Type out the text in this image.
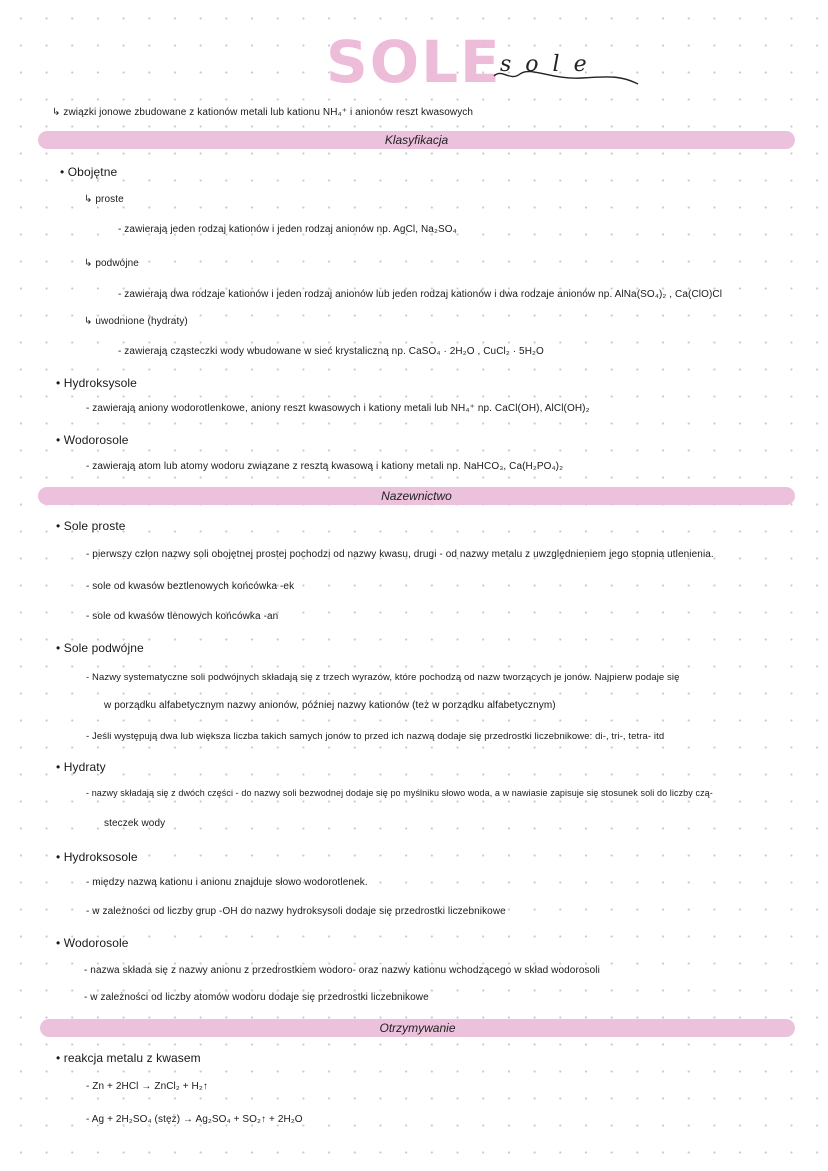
SOLE
sole
↳ związki jonowe zbudowane z kationów metali lub kationu NH₄⁺ i anionów reszt kwasowych
Klasyfikacja
• Obojętne
↳ proste
- zawierają jeden rodzaj kationów i jeden rodzaj anionów np. AgCl, Na₂SO₄
↳ podwójne
- zawierają dwa rodzaje kationów i jeden rodzaj anionów lub jeden rodzaj kationów i dwa rodzaje anionów np. AlNa(SO₄)₂ , Ca(ClO)Cl
↳ uwodnione (hydraty)
- zawierają cząsteczki wody wbudowane w sieć krystaliczną np. CaSO₄ · 2H₂O , CuCl₂ · 5H₂O
• Hydroksysole
- zawierają aniony wodorotlenkowe, aniony reszt kwasowych i kationy metali lub NH₄⁺ np. CaCl(OH), AlCl(OH)₂
• Wodorosole
- zawierają atom lub atomy wodoru związane z resztą kwasową i kationy metali np. NaHCO₃, Ca(H₂PO₄)₂
Nazewnictwo
• Sole proste
- pierwszy człon nazwy soli obojętnej prostej pochodzi od nazwy kwasu, drugi - od nazwy metalu z uwzględnieniem jego stopnia utlenienia.
- sole od kwasów beztlenowych końcówka -ek
- sole od kwasów tlenowych końcówka -an
• Sole podwójne
- Nazwy systematyczne soli podwójnych składają się z trzech wyrazów, które pochodzą od nazw tworzących je jonów. Najpierw podaje się
w porządku alfabetycznym nazwy anionów, później nazwy kationów (też w porządku alfabetycznym)
- Jeśli występują dwa lub większa liczba takich samych jonów to przed ich nazwą dodaje się przedrostki liczebnikowe: di-, tri-, tetra- itd
• Hydraty
- nazwy składają się z dwóch części - do nazwy soli bezwodnej dodaje się po myślniku słowo woda, a w nawiasie zapisuje się stosunek soli do liczby czą-
steczek wody
• Hydroksosole
- między nazwą kationu i anionu znajduje słowo wodorotlenek.
- w zależności od liczby grup -OH do nazwy hydroksysoli dodaje się przedrostki liczebnikowe
• Wodorosole
- nazwa składa się z nazwy anionu z przedrostkiem wodoro- oraz nazwy kationu wchodzącego w skład wodorosoli
- w zależności od liczby atomów wodoru dodaje się przedrostki liczebnikowe
Otrzymywanie
• reakcja metalu z kwasem
- Zn + 2HCl → ZnCl₂ + H₂↑
- Ag + 2H₂SO₄ (stęż) → Ag₂SO₄ + SO₂↑ + 2H₂O
